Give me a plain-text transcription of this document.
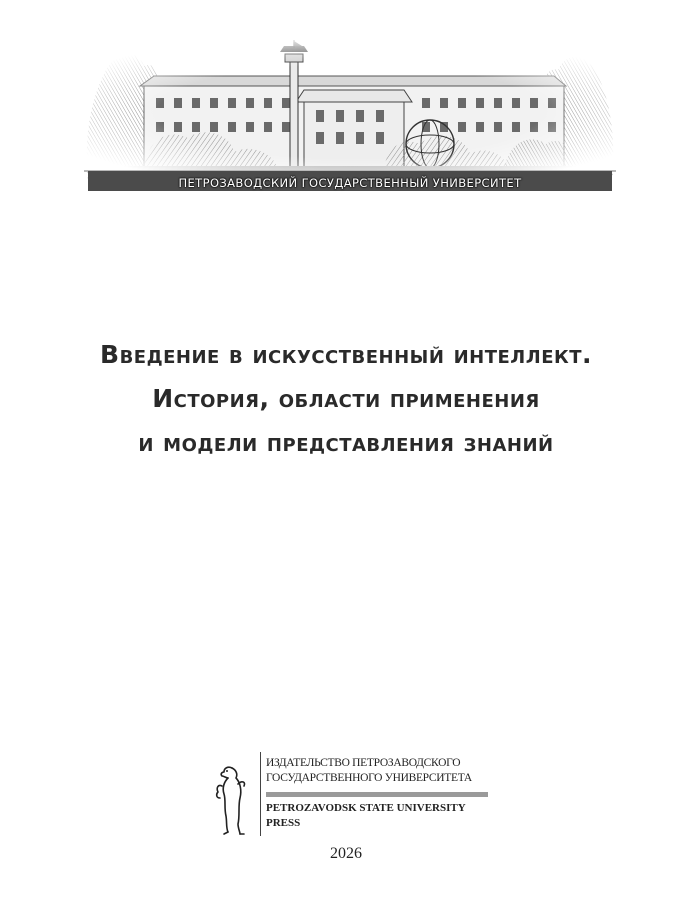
ПЕТРОЗАВОДСКИЙ ГОСУДАРСТВЕННЫЙ УНИВЕРСИТЕТ
Введение в искусственный интеллект.
История, области применения
и модели представления знаний
ИЗДАТЕЛЬСТВО ПЕТРОЗАВОДСКОГО
ГОСУДАРСТВЕННОГО УНИВЕРСИТЕТА
PETROZAVODSK STATE UNIVERSITY
PRESS
2026
